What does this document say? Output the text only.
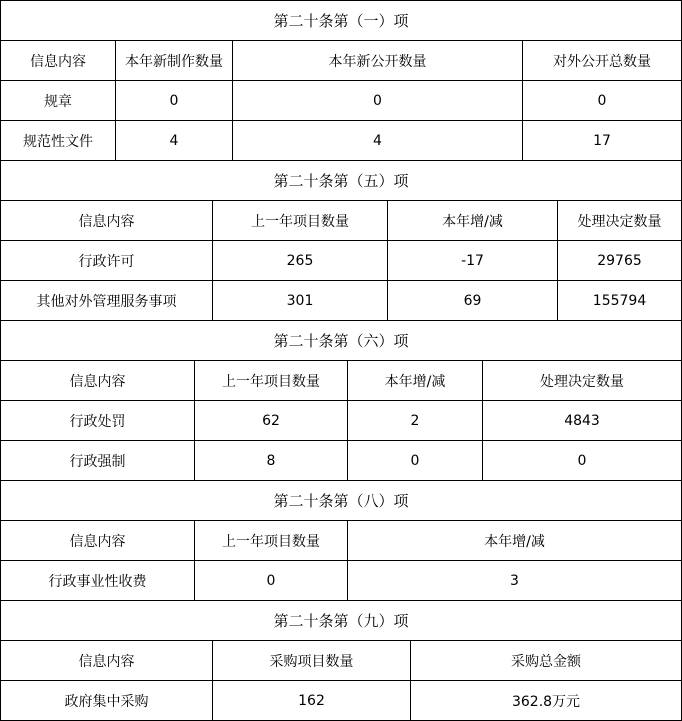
第二十条第（一）项			
信息内容	本年新制作数量	本年新公开数量	对外公开总数量
规章	0	0	0
规范性文件	4	4	17
第二十条第（五）项			
信息内容	上一年项目数量	本年增/减	处理决定数量
行政许可	265	-17	29765
其他对外管理服务事项	301	69	155794
第二十条第（六）项			
信息内容	上一年项目数量	本年增/减	处理决定数量
行政处罚	62	2	4843
行政强制	8	0	0
第二十条第（八）项		
信息内容	上一年项目数量	本年增/减
行政事业性收费	0	3
第二十条第（九）项		
信息内容	采购项目数量	采购总金额
政府集中采购	162	362.8万元
